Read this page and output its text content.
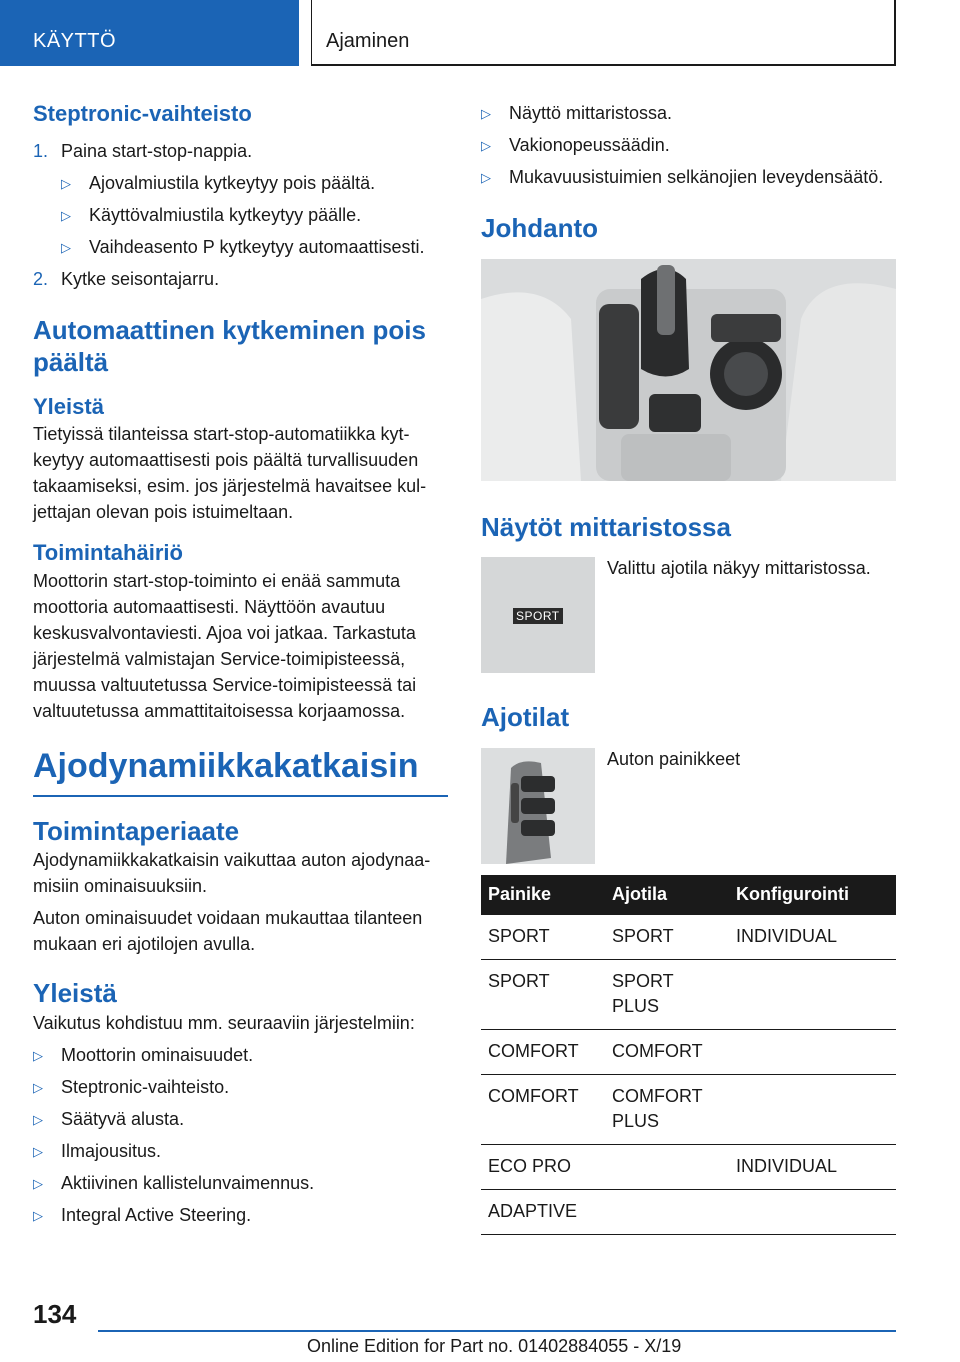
KÄYTTÖ	Ajaminen
Steptronic-vaihteisto
1. Paina start-stop-nappia.
▷ Ajovalmiustila kytkeytyy pois päältä.
▷ Käyttövalmiustila kytkeytyy päälle.
▷ Vaihdeasento P kytkeytyy automaattisesti.
2. Kytke seisontajarru.
Automaattinen kytkeminen pois päältä
Yleistä
Tietyissä tilanteissa start-stop-automatiikka kytkeytyy automaattisesti pois päältä turvallisuuden takaamiseksi, esim. jos järjestelmä havaitsee kuljettajan olevan pois istuimeltaan.
Toimintahäiriö
Moottorin start-stop-toiminto ei enää sammuta moottoria automaattisesti. Näyttöön avautuu keskusvalvontaviesti. Ajoa voi jatkaa. Tarkastuta järjestelmä valmistajan Service-toimipisteessä, muussa valtuutetussa Service-toimipisteessä tai valtuutetussa ammattitaitoisessa korjaamossa.
Ajodynamiikkakatkaisin
Toimintaperiaate
Ajodynamiikkakatkaisin vaikuttaa auton ajodynaamisiin ominaisuuksiin.
Auton ominaisuudet voidaan mukauttaa tilanteen mukaan eri ajotilojen avulla.
Yleistä
Vaikutus kohdistuu mm. seuraaviin järjestelmiin:
▷ Moottorin ominaisuudet.
▷ Steptronic-vaihteisto.
▷ Säätyvä alusta.
▷ Ilmajousitus.
▷ Aktiivinen kallistelunvaimennus.
▷ Integral Active Steering.
▷ Näyttö mittaristossa.
▷ Vakionopeussäädin.
▷ Mukavuusistuimien selkänojien leveydensäätö.
Johdanto
Näytöt mittaristossa
SPORT
Valittu ajotila näkyy mittaristossa.
Ajotilat
Auton painikkeet
Painike	Ajotila	Konfigurointi
SPORT	SPORT	INDIVIDUAL
SPORT	SPORT PLUS	
COMFORT	COMFORT	
COMFORT	COMFORT PLUS	
ECO PRO		INDIVIDUAL
ADAPTIVE		
134
Online Edition for Part no. 01402884055 - X/19
